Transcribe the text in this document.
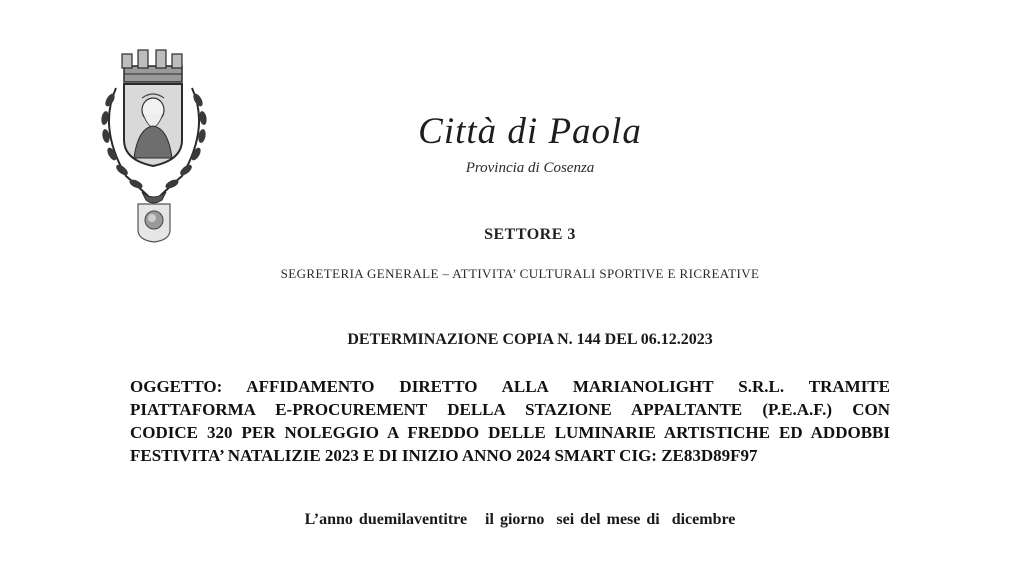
Città di Paola
Provincia di Cosenza
SETTORE 3
SEGRETERIA GENERALE – ATTIVITA’ CULTURALI SPORTIVE E RICREATIVE
DETERMINAZIONE COPIA N. 144 DEL 06.12.2023
OGGETTO: AFFIDAMENTO DIRETTO ALLA MARIANOLIGHT S.R.L. TRAMITE
PIATTAFORMA E-PROCUREMENT DELLA STAZIONE APPALTANTE (P.E.A.F.) CON
CODICE 320 PER NOLEGGIO A FREDDO DELLE LUMINARIE ARTISTICHE ED ADDOBBI
FESTIVITA’ NATALIZIE 2023 E DI INIZIO ANNO 2024 SMART CIG: ZE83D89F97
L’anno duemilaventitre   il giorno  sei del mese di  dicembre
